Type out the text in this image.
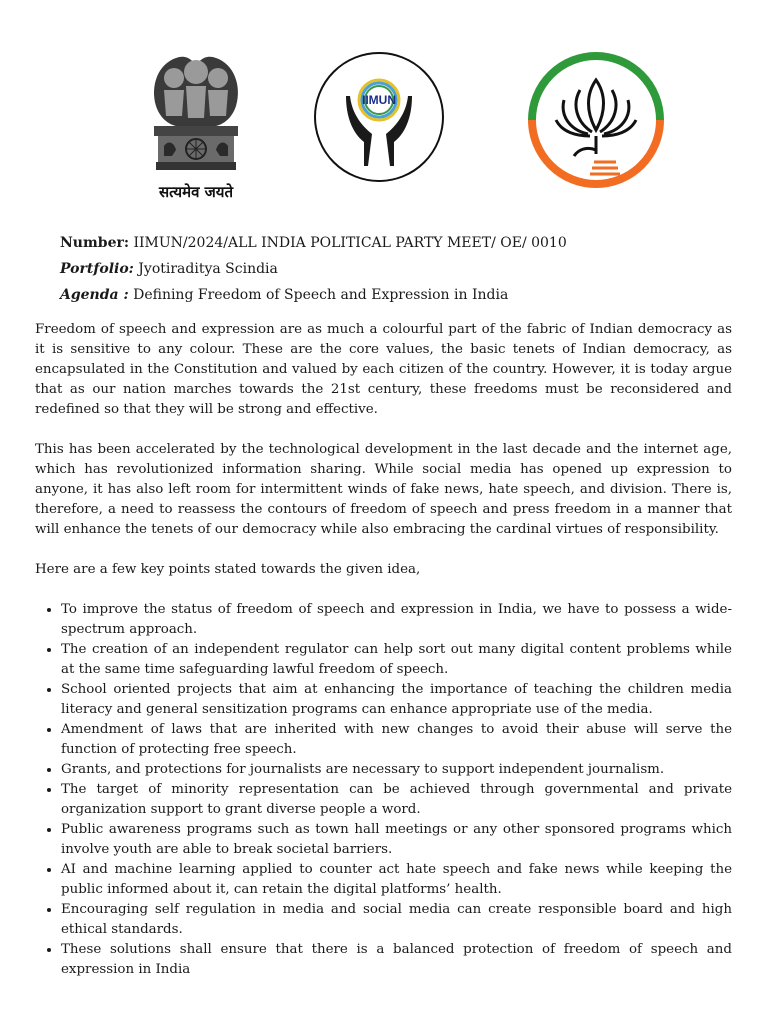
सत्यमेव जयते
IIMUN
Number: IIMUN/2024/ALL INDIA POLITICAL PARTY MEET/ OE/ 0010
Portfolio: Jyotiraditya Scindia
Agenda : Defining Freedom of Speech and Expression in India

Freedom of speech and expression are as much a colourful part of the fabric of Indian democracy as it is sensitive to any colour. These are the core values, the basic tenets of Indian democracy, as encapsulated in the Constitution and valued by each citizen of the country. However, it is today argue that as our nation marches towards the 21st century, these freedoms must be reconsidered and redefined so that they will be strong and effective.

This has been accelerated by the technological development in the last decade and the internet age, which has revolutionized information sharing. While social media has opened up expression to anyone, it has also left room for intermittent winds of fake news, hate speech, and division. There is, therefore, a need to reassess the contours of freedom of speech and press freedom in a manner that will enhance the tenets of our democracy while also embracing the cardinal virtues of responsibility.

Here are a few key points stated towards the given idea,

• To improve the status of freedom of speech and expression in India, we have to possess a wide-spectrum approach.
• The creation of an independent regulator can help sort out many digital content problems while at the same time safeguarding lawful freedom of speech.
• School oriented projects that aim at enhancing the importance of teaching the children media literacy and general sensitization programs can enhance appropriate use of the media.
• Amendment of laws that are inherited with new changes to avoid their abuse will serve the function of protecting free speech.
• Grants, and protections for journalists are necessary to support independent journalism.
• The target of minority representation can be achieved through governmental and private organization support to grant diverse people a word.
• Public awareness programs such as town hall meetings or any other sponsored programs which involve youth are able to break societal barriers.
• AI and machine learning applied to counter act hate speech and fake news while keeping the public informed about it, can retain the digital platforms’ health.
• Encouraging self regulation in media and social media can create responsible board and high ethical standards.
• These solutions shall ensure that there is a balanced protection of freedom of speech and expression in India
